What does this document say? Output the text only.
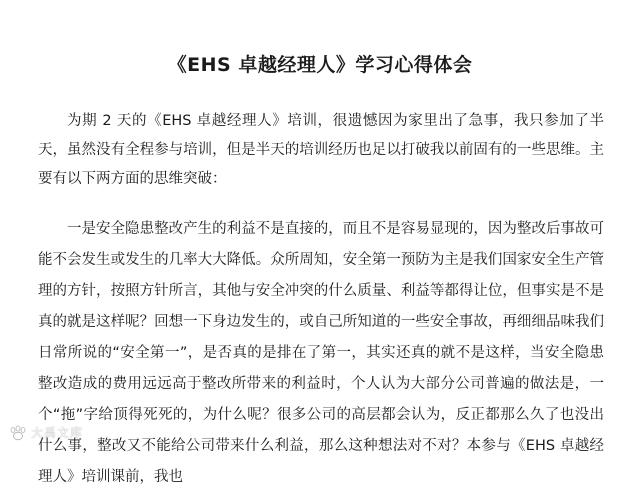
《EHS 卓越经理人》学习心得体会

为期 2 天的《EHS 卓越经理人》培训，很遗憾因为家里出了急事，我只参加了半天，虽然没有全程参与培训，但是半天的培训经历也足以打破我以前固有的一些思维。主要有以下两方面的思维突破：

一是安全隐患整改产生的利益不是直接的，而且不是容易显现的，因为整改后事故可能不会发生或发生的几率大大降低。众所周知，安全第一预防为主是我们国家安全生产管理的方针，按照方针所言，其他与安全冲突的什么质量、利益等都得让位，但事实是不是真的就是这样呢？回想一下身边发生的，或自己所知道的一些安全事故，再细细品味我们日常所说的“安全第一”，是否真的是排在了第一，其实还真的就不是这样，当安全隐患整改造成的费用远远高于整改所带来的利益时，个人认为大部分公司普遍的做法是，一个“拖”字给顶得死死的，为什么呢？很多公司的高层都会认为，反正都那么久了也没出什么事，整改又不能给公司带来什么利益，那么这种想法对不对？本参与《EHS 卓越经理人》培训课前，我也

大禹文库
